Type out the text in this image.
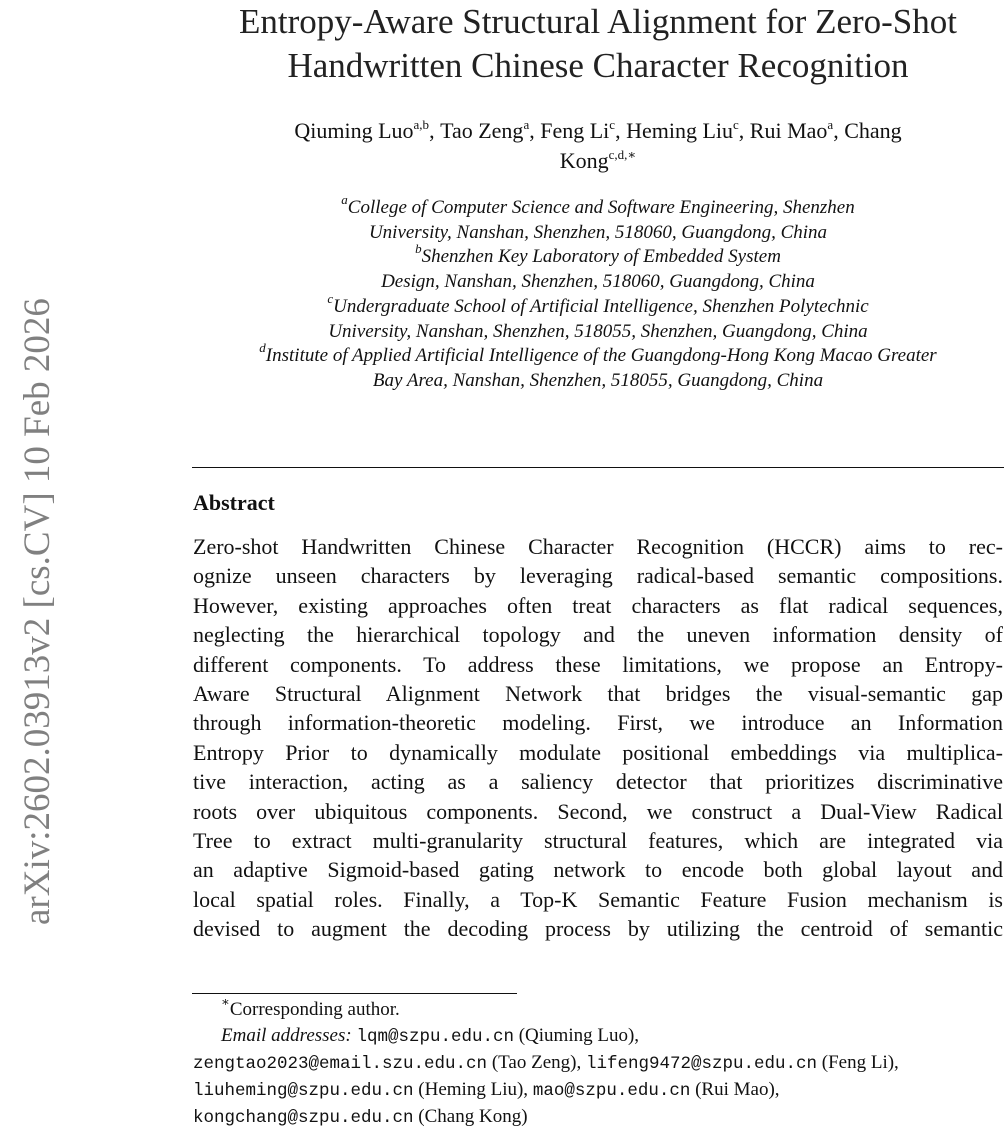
arXiv:2602.03913v2 [cs.CV] 10 Feb 2026
Entropy-Aware Structural Alignment for Zero-Shot
Handwritten Chinese Character Recognition
Qiuming Luo$^{a,b}$, Tao Zeng$^a$, Feng Li$^c$, Heming Liu$^c$, Rui Mao$^a$, Chang
Kong$^{c,d,∗}$
$^a$College of Computer Science and Software Engineering, Shenzhen
University, Nanshan, Shenzhen, 518060, Guangdong, China
$^b$Shenzhen Key Laboratory of Embedded System
Design, Nanshan, Shenzhen, 518060, Guangdong, China
$^c$Undergraduate School of Artificial Intelligence, Shenzhen Polytechnic
University, Nanshan, Shenzhen, 518055, Shenzhen, Guangdong, China
$^d$Institute of Applied Artificial Intelligence of the Guangdong-Hong Kong Macao Greater
Bay Area, Nanshan, Shenzhen, 518055, Guangdong, China
Abstract
Zero-shot Handwritten Chinese Character Recognition (HCCR) aims to rec-
ognize unseen characters by leveraging radical-based semantic compositions.
However, existing approaches often treat characters as flat radical sequences,
neglecting the hierarchical topology and the uneven information density of
different components. To address these limitations, we propose an Entropy-
Aware Structural Alignment Network that bridges the visual-semantic gap
through information-theoretic modeling. First, we introduce an Information
Entropy Prior to dynamically modulate positional embeddings via multiplica-
tive interaction, acting as a saliency detector that prioritizes discriminative
roots over ubiquitous components. Second, we construct a Dual-View Radical
Tree to extract multi-granularity structural features, which are integrated via
an adaptive Sigmoid-based gating network to encode both global layout and
local spatial roles. Finally, a Top-K Semantic Feature Fusion mechanism is
devised to augment the decoding process by utilizing the centroid of semantic
∗Corresponding author.
Email addresses: lqm@szpu.edu.cn (Qiuming Luo),
zengtao2023@email.szu.edu.cn (Tao Zeng), lifeng9472@szpu.edu.cn (Feng Li),
liuheming@szpu.edu.cn (Heming Liu), mao@szpu.edu.cn (Rui Mao),
kongchang@szpu.edu.cn (Chang Kong)
